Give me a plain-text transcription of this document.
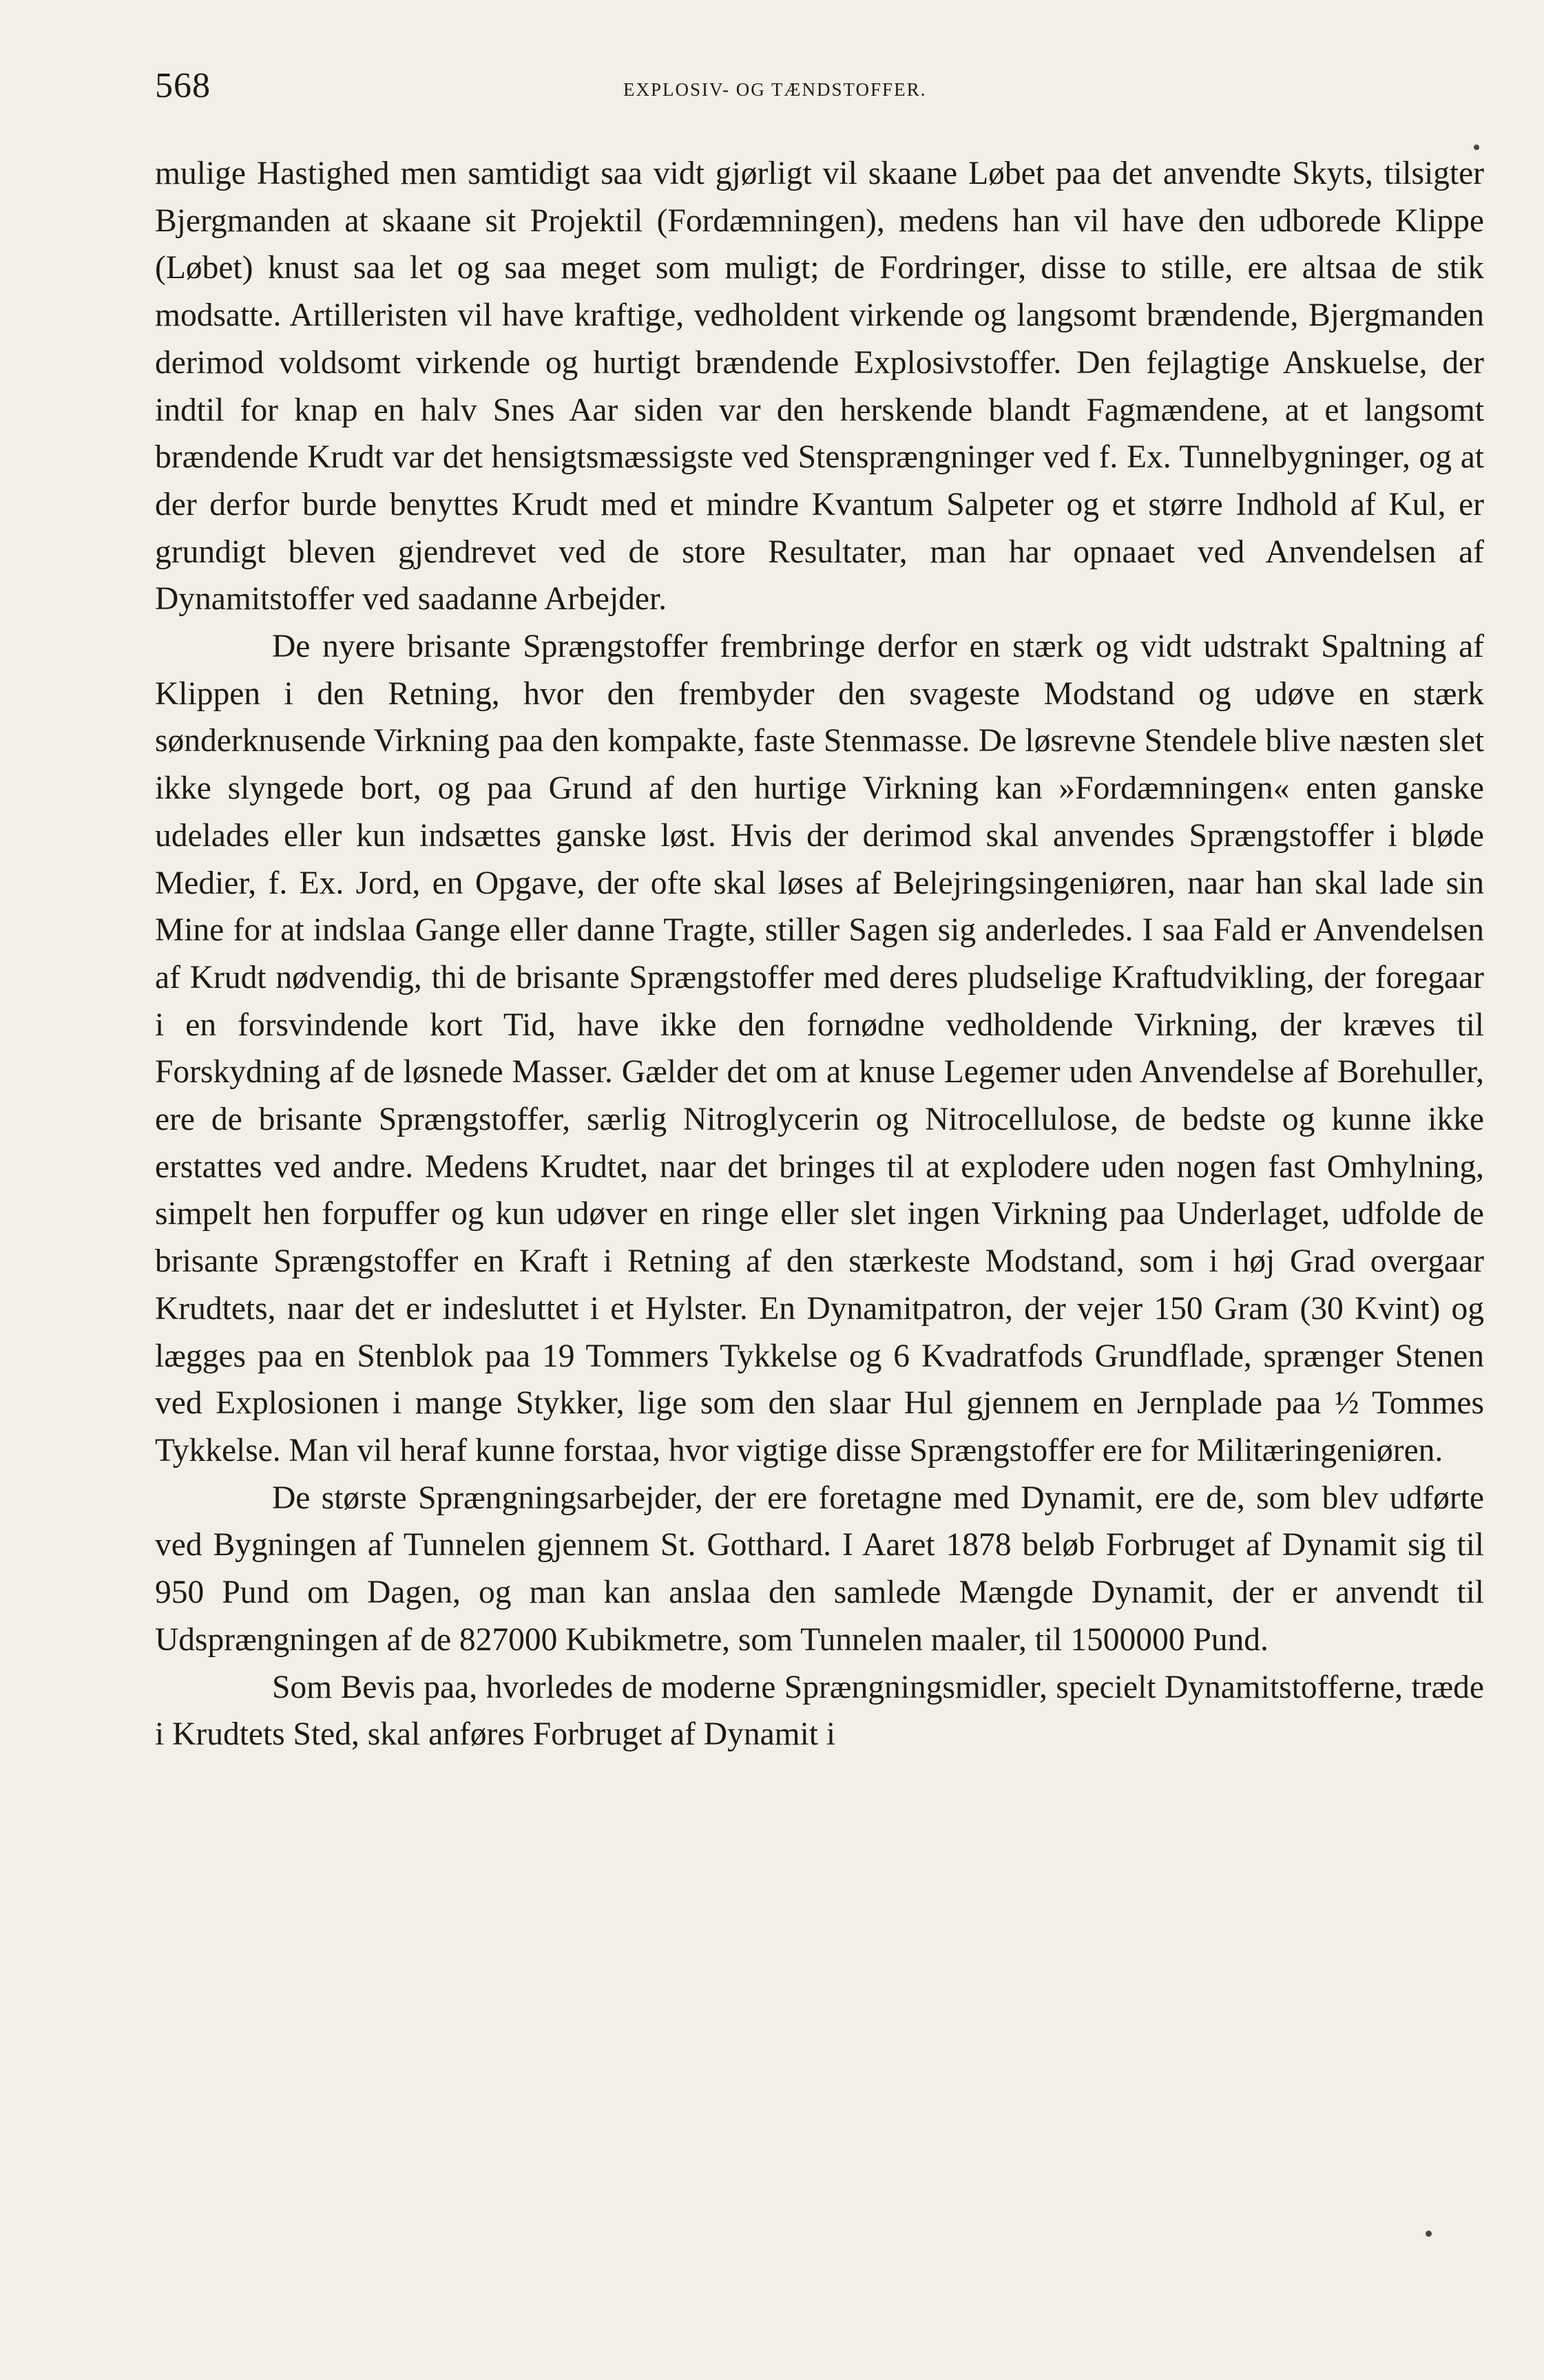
568	EXPLOSIV- OG TÆNDSTOFFER.

mulige Hastighed men samtidigt saa vidt gjørligt vil skaane Løbet paa det anvendte Skyts, tilsigter Bjergmanden at skaane sit Projektil (Fordæmningen), medens han vil have den udborede Klippe (Løbet) knust saa let og saa meget som muligt; de Fordringer, disse to stille, ere altsaa de stik modsatte. Artilleristen vil have kraftige, vedholdent virkende og langsomt brændende, Bjergmanden derimod voldsomt virkende og hurtigt brændende Explosivstoffer. Den fejlagtige Anskuelse, der indtil for knap en halv Snes Aar siden var den herskende blandt Fagmændene, at et langsomt brændende Krudt var det hensigtsmæssigste ved Stensprængninger ved f. Ex. Tunnelbygninger, og at der derfor burde benyttes Krudt med et mindre Kvantum Salpeter og et større Indhold af Kul, er grundigt bleven gjendrevet ved de store Resultater, man har opnaaet ved Anvendelsen af Dynamitstoffer ved saadanne Arbejder.

De nyere brisante Sprængstoffer frembringe derfor en stærk og vidt udstrakt Spaltning af Klippen i den Retning, hvor den frembyder den svageste Modstand og udøve en stærk sønderknusende Virkning paa den kompakte, faste Stenmasse. De løsrevne Stendele blive næsten slet ikke slyngede bort, og paa Grund af den hurtige Virkning kan »Fordæmningen« enten ganske udelades eller kun indsættes ganske løst. Hvis der derimod skal anvendes Sprængstoffer i bløde Medier, f. Ex. Jord, en Opgave, der ofte skal løses af Belejringsingeniøren, naar han skal lade sin Mine for at indslaa Gange eller danne Tragte, stiller Sagen sig anderledes. I saa Fald er Anvendelsen af Krudt nødvendig, thi de brisante Sprængstoffer med deres pludselige Kraftudvikling, der foregaar i en forsvindende kort Tid, have ikke den fornødne vedholdende Virkning, der kræves til Forskydning af de løsnede Masser. Gælder det om at knuse Legemer uden Anvendelse af Borehuller, ere de brisante Sprængstoffer, særlig Nitroglycerin og Nitrocellulose, de bedste og kunne ikke erstattes ved andre. Medens Krudtet, naar det bringes til at explodere uden nogen fast Omhylning, simpelt hen forpuffer og kun udøver en ringe eller slet ingen Virkning paa Underlaget, udfolde de brisante Sprængstoffer en Kraft i Retning af den stærkeste Modstand, som i høj Grad overgaar Krudtets, naar det er indesluttet i et Hylster. En Dynamitpatron, der vejer 150 Gram (30 Kvint) og lægges paa en Stenblok paa 19 Tommers Tykkelse og 6 Kvadratfods Grundflade, sprænger Stenen ved Explosionen i mange Stykker, lige som den slaar Hul gjennem en Jernplade paa ½ Tommes Tykkelse. Man vil heraf kunne forstaa, hvor vigtige disse Sprængstoffer ere for Militæringeniøren.

De største Sprængningsarbejder, der ere foretagne med Dynamit, ere de, som blev udførte ved Bygningen af Tunnelen gjennem St. Gotthard. I Aaret 1878 beløb Forbruget af Dynamit sig til 950 Pund om Dagen, og man kan anslaa den samlede Mængde Dynamit, der er anvendt til Udsprængningen af de 827000 Kubikmetre, som Tunnelen maaler, til 1500000 Pund.

Som Bevis paa, hvorledes de moderne Sprængningsmidler, specielt Dynamitstofferne, træde i Krudtets Sted, skal anføres Forbruget af Dynamit i
